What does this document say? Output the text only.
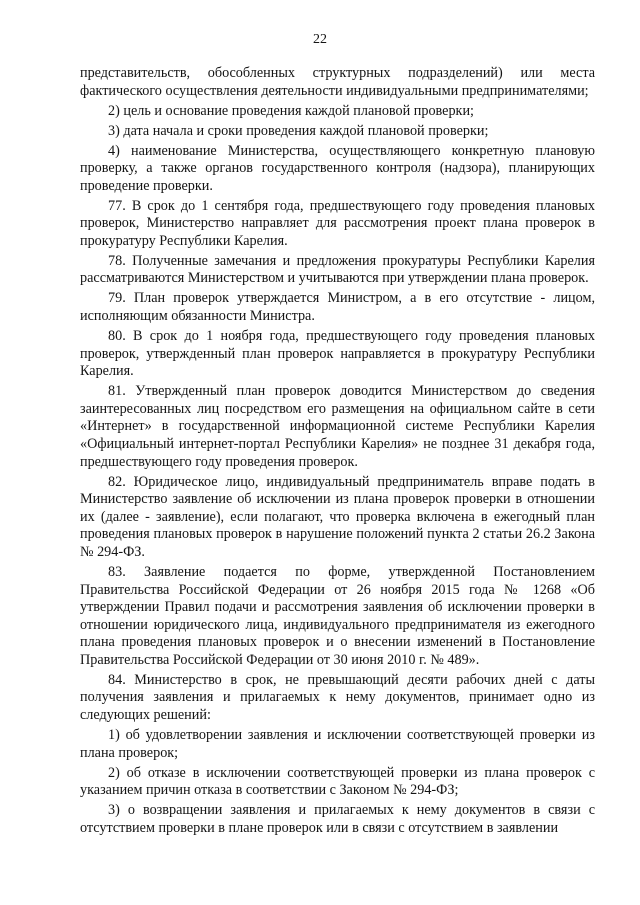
22

представительств, обособленных структурных подразделений) или места фактического осуществления деятельности индивидуальными предпринимателями;

2) цель и основание проведения каждой плановой проверки;

3) дата начала и сроки проведения каждой плановой проверки;

4) наименование Министерства, осуществляющего конкретную плановую проверку, а также органов государственного контроля (надзора), планирующих проведение проверки.

77. В срок до 1 сентября года, предшествующего году проведения плановых проверок, Министерство направляет для рассмотрения проект плана проверок в прокуратуру Республики Карелия.

78. Полученные замечания и предложения прокуратуры Республики Карелия рассматриваются Министерством и учитываются при утверждении плана проверок.

79. План проверок утверждается Министром, а в его отсутствие - лицом, исполняющим обязанности Министра.

80. В срок до 1 ноября года, предшествующего году проведения плановых проверок, утвержденный план проверок направляется в прокуратуру Республики Карелия.

81. Утвержденный план проверок доводится Министерством до сведения заинтересованных лиц посредством его размещения на официальном сайте в сети «Интернет» в государственной информационной системе Республики Карелия «Официальный интернет-портал Республики Карелия» не позднее 31 декабря года, предшествующего году проведения проверок.

82. Юридическое лицо, индивидуальный предприниматель вправе подать в Министерство заявление об исключении из плана проверок проверки в отношении их (далее - заявление), если полагают, что проверка включена в ежегодный план проведения плановых проверок в нарушение положений пункта 2 статьи 26.2 Закона № 294-ФЗ.

83. Заявление подается по форме, утвержденной Постановлением Правительства Российской Федерации от 26 ноября 2015 года № 1268 «Об утверждении Правил подачи и рассмотрения заявления об исключении проверки в отношении юридического лица, индивидуального предпринимателя из ежегодного плана проведения плановых проверок и о внесении изменений в Постановление Правительства Российской Федерации от 30 июня 2010 г. № 489».

84. Министерство в срок, не превышающий десяти рабочих дней с даты получения заявления и прилагаемых к нему документов, принимает одно из следующих решений:

1) об удовлетворении заявления и исключении соответствующей проверки из плана проверок;

2) об отказе в исключении соответствующей проверки из плана проверок с указанием причин отказа в соответствии с Законом № 294-ФЗ;

3) о возвращении заявления и прилагаемых к нему документов в связи с отсутствием проверки в плане проверок или в связи с отсутствием в заявлении
